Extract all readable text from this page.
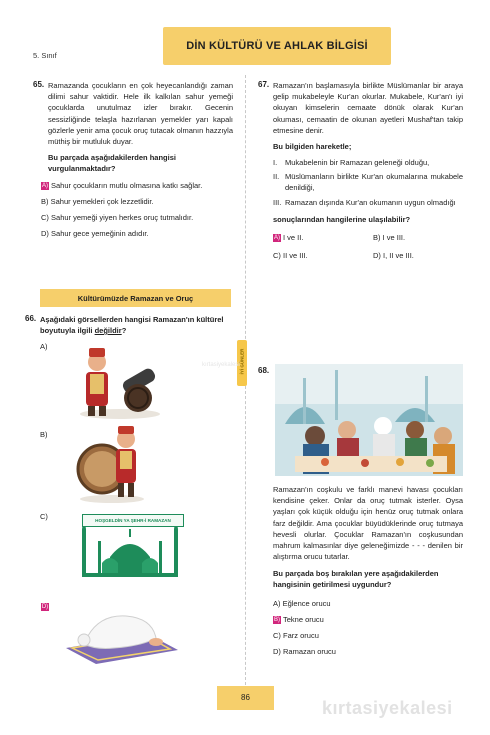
DİN KÜLTÜRÜ VE AHLAK BİLGİSİ
5. Sınıf
65. Ramazanda çocukların en çok heyecanlandığı zaman dilimi sahur vaktidir. Hele ilk kalkılan sahur yemeği çocuklarda unutulmaz izler bırakır. Gecenin sessizliğinde telaşla hazırlanan yemekler yarı kapalı gözlerle yenir ama çocuk oruç tutacak olmanın hazzıyla müthiş bir mutluluk duyar.
Bu parçada aşağıdakilerden hangisi vurgulanmaktadır?
A) Sahur çocukların mutlu olmasına katkı sağlar.
B) Sahur yemekleri çok lezzetlidir.
C) Sahur yemeği yiyen herkes oruç tutmalıdır.
D) Sahur gece yemeğinin adıdır.
Kültürümüzde Ramazan ve Oruç
66. Aşağıdaki görsellerden hangisi Ramazan'ın kültürel boyutuyla ilgili değildir?
A)
B)
C)
D)
HOŞGELDİN YA ŞEHR-İ RAMAZAN
67. Ramazan'ın başlamasıyla birlikte Müslümanlar bir araya gelip mukabeleyle Kur'an okurlar. Mukabele, Kur'an'ı iyi okuyan kimselerin cemaate dönük olarak Kur'an okuması, cemaatin de okunan ayetleri Mushaf'tan takip etmesine denir.
Bu bilgiden hareketle;
I.	Mukabelenin bir Ramazan geleneği olduğu,
II. Müslümanların birlikte Kur'an okumalarına mukabele denildiği,
III. Ramazan dışında Kur'an okumanın uygun olmadığı
sonuçlarından hangilerine ulaşılabilir?
A) I ve II.	B) I ve III.
C) II ve III.	D) I, II ve III.
İYİ GÜNLER
kırtasiyekalesi
68.
Ramazan'ın coşkulu ve farklı manevi havası çocukları kendisine çeker. Onlar da oruç tutmak isterler. Oysa yaşları çok küçük olduğu için henüz oruç tutmak onlara farz değildir. Ama çocuklar büyüdüklerinde oruç tutmaya hevesli olurlar. Çocuklar Ramazan'ın coşkusundan mahrum kalmasınlar diye geleneğimizde - - - denilen bir alıştırma orucu tutarlar.
Bu parçada boş bırakılan yere aşağıdakilerden hangisinin getirilmesi uygundur?
A) Eğlence orucu
B) Tekne orucu
C) Farz orucu
D) Ramazan orucu
86
kırtasiyekalesi
